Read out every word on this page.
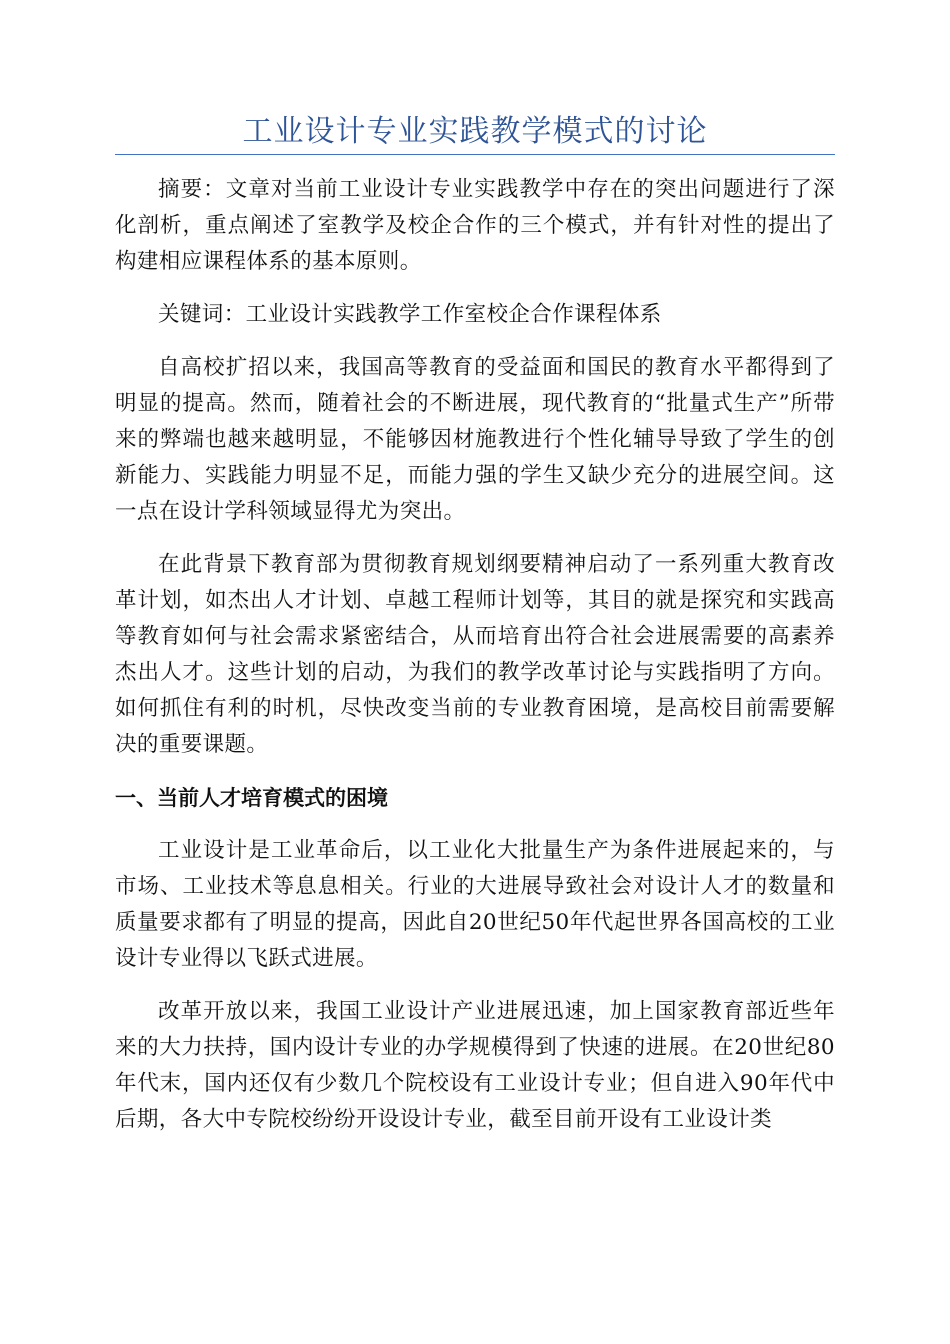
工业设计专业实践教学模式的讨论

摘要：文章对当前工业设计专业实践教学中存在的突出问题进行了深化剖析，重点阐述了室教学及校企合作的三个模式，并有针对性的提出了构建相应课程体系的基本原则。

关键词：工业设计实践教学工作室校企合作课程体系

自高校扩招以来，我国高等教育的受益面和国民的教育水平都得到了明显的提高。然而，随着社会的不断进展，现代教育的“批量式生产”所带来的弊端也越来越明显，不能够因材施教进行个性化辅导导致了学生的创新能力、实践能力明显不足，而能力强的学生又缺少充分的进展空间。这一点在设计学科领域显得尤为突出。

在此背景下教育部为贯彻教育规划纲要精神启动了一系列重大教育改革计划，如杰出人才计划、卓越工程师计划等，其目的就是探究和实践高等教育如何与社会需求紧密结合，从而培育出符合社会进展需要的高素养杰出人才。这些计划的启动，为我们的教学改革讨论与实践指明了方向。如何抓住有利的时机，尽快改变当前的专业教育困境，是高校目前需要解决的重要课题。

一、当前人才培育模式的困境

工业设计是工业革命后，以工业化大批量生产为条件进展起来的，与市场、工业技术等息息相关。行业的大进展导致社会对设计人才的数量和质量要求都有了明显的提高，因此自20世纪50年代起世界各国高校的工业设计专业得以飞跃式进展。

改革开放以来，我国工业设计产业进展迅速，加上国家教育部近些年来的大力扶持，国内设计专业的办学规模得到了快速的进展。在20世纪80年代末，国内还仅有少数几个院校设有工业设计专业；但自进入90年代中后期，各大中专院校纷纷开设设计专业，截至目前开设有工业设计类
